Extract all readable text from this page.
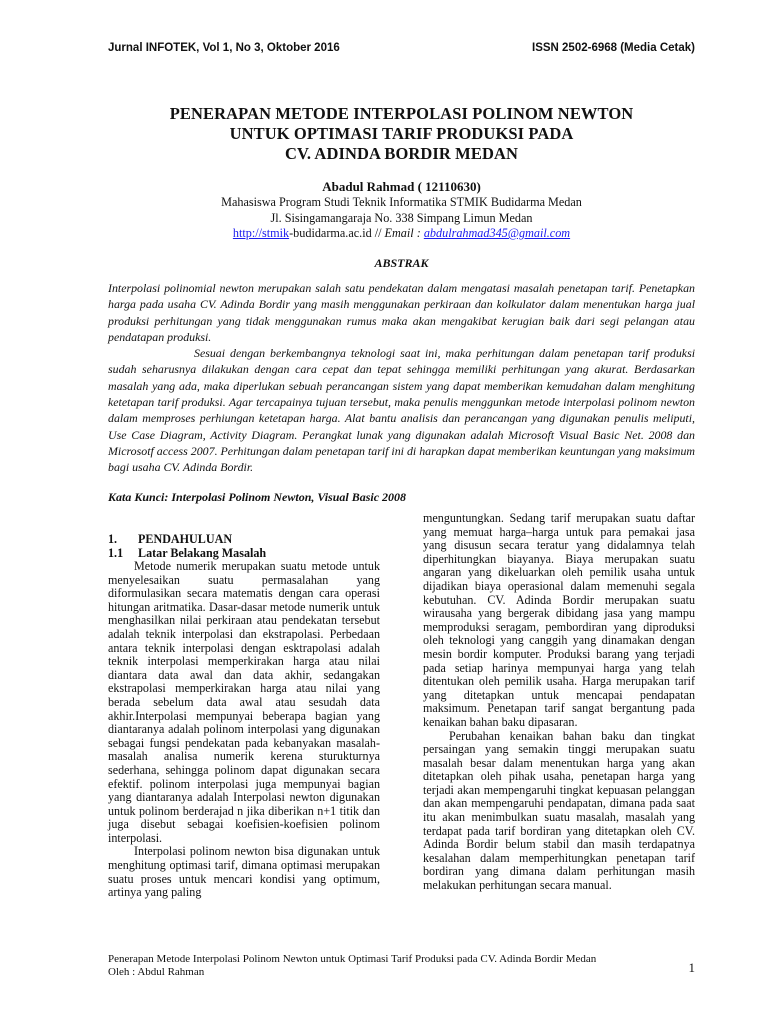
Jurnal INFOTEK, Vol 1, No 3, Oktober 2016	ISSN 2502-6968 (Media Cetak)
PENERAPAN METODE INTERPOLASI POLINOM NEWTON
UNTUK OPTIMASI TARIF PRODUKSI PADA
CV. ADINDA BORDIR MEDAN
Abadul Rahmad ( 12110630)
Mahasiswa Program Studi Teknik Informatika STMIK Budidarma Medan
Jl. Sisingamangaraja No. 338 Simpang Limun Medan
http://stmik-budidarma.ac.id // Email : abdulrahmad345@gmail.com
ABSTRAK

Interpolasi polinomial newton merupakan salah satu pendekatan dalam mengatasi masalah penetapan tarif. Penetapkan harga pada usaha CV. Adinda Bordir yang masih menggunakan perkiraan dan kolkulator dalam menentukan harga jual produksi perhitungan yang tidak menggunakan rumus maka akan mengakibat kerugian baik dari segi pelangan atau pendatapan produksi.

Sesuai dengan berkembangnya teknologi saat ini, maka perhitungan dalam penetapan tarif produksi sudah seharusnya dilakukan dengan cara cepat dan tepat sehingga memiliki perhitungan yang akurat. Berdasarkan masalah yang ada, maka diperlukan sebuah perancangan sistem yang dapat memberikan kemudahan dalam menghitung ketetapan tarif produksi. Agar tercapainya tujuan tersebut, maka penulis menggunkan metode interpolasi polinom newton dalam memproses perhiungan ketetapan harga. Alat bantu analisis dan perancangan yang digunakan penulis meliputi, Use Case Diagram, Activity Diagram. Perangkat lunak yang digunakan adalah Microsoft Visual Basic Net. 2008 dan Microsotf access 2007. Perhitungan dalam penetapan tarif ini di harapkan dapat memberikan keuntungan yang maksimum bagi usaha CV. Adinda Bordir.

Kata Kunci: Interpolasi Polinom Newton, Visual Basic 2008
1. PENDAHULUAN
1.1 Latar Belakang Masalah

Metode numerik merupakan suatu metode untuk menyelesaikan suatu permasalahan yang diformulasikan secara matematis dengan cara operasi hitungan aritmatika. Dasar-dasar metode numerik untuk menghasilkan nilai perkiraan atau pendekatan tersebut adalah teknik interpolasi dan ekstrapolasi. Perbedaan antara teknik interpolasi dengan esktrapolasi adalah teknik interpolasi memperkirakan harga atau nilai diantara data awal dan data akhir, sedangakan ekstrapolasi memperkirakan harga atau nilai yang berada sebelum data awal atau sesudah data akhir.Interpolasi mempunyai beberapa bagian yang diantaranya adalah polinom interpolasi yang digunakan sebagai fungsi pendekatan pada kebanyakan masalah- masalah analisa numerik kerena sturukturnya sederhana, sehingga polinom dapat digunakan secara efektif. polinom interpolasi juga mempunyai bagian yang diantaranya adalah Interpolasi newton digunakan untuk polinom berderajad n jika diberikan n+1 titik dan juga disebut sebagai koefisien-koefisien polinom interpolasi.

Interpolasi polinom newton bisa digunakan untuk menghitung optimasi tarif, dimana optimasi merupakan suatu proses untuk mencari kondisi yang optimum, artinya yang paling

menguntungkan. Sedang tarif merupakan suatu daftar yang memuat harga–harga untuk para pemakai jasa yang disusun secara teratur yang didalamnya telah diperhitungkan biayanya. Biaya merupakan suatu angaran yang dikeluarkan oleh pemilik usaha untuk dijadikan biaya operasional dalam memenuhi segala kebutuhan. CV. Adinda Bordir merupakan suatu wirausaha yang bergerak dibidang jasa yang mampu memproduksi seragam, pembordiran yang diproduksi oleh teknologi yang canggih yang dinamakan dengan mesin bordir komputer. Produksi barang yang terjadi pada setiap harinya mempunyai harga yang telah ditentukan oleh pemilik usaha. Harga merupakan tarif yang ditetapkan untuk mencapai pendapatan maksimum. Penetapan tarif sangat bergantung pada kenaikan bahan baku dipasaran.

Perubahan kenaikan bahan baku dan tingkat persaingan yang semakin tinggi merupakan suatu masalah besar dalam menentukan harga yang akan ditetapkan oleh pihak usaha, penetapan harga yang terjadi akan mempengaruhi tingkat kepuasan pelanggan dan akan mempengaruhi pendapatan, dimana pada saat itu akan menimbulkan suatu masalah, masalah yang terdapat pada tarif bordiran yang ditetapkan oleh CV. Adinda Bordir belum stabil dan masih terdapatnya kesalahan dalam memperhitungkan penetapan tarif bordiran yang dimana dalam perhitungan masih melakukan perhitungan secara manual.

Penerapan Metode Interpolasi Polinom Newton untuk Optimasi Tarif Produksi pada CV. Adinda Bordir Medan
Oleh : Abdul Rahman	1
